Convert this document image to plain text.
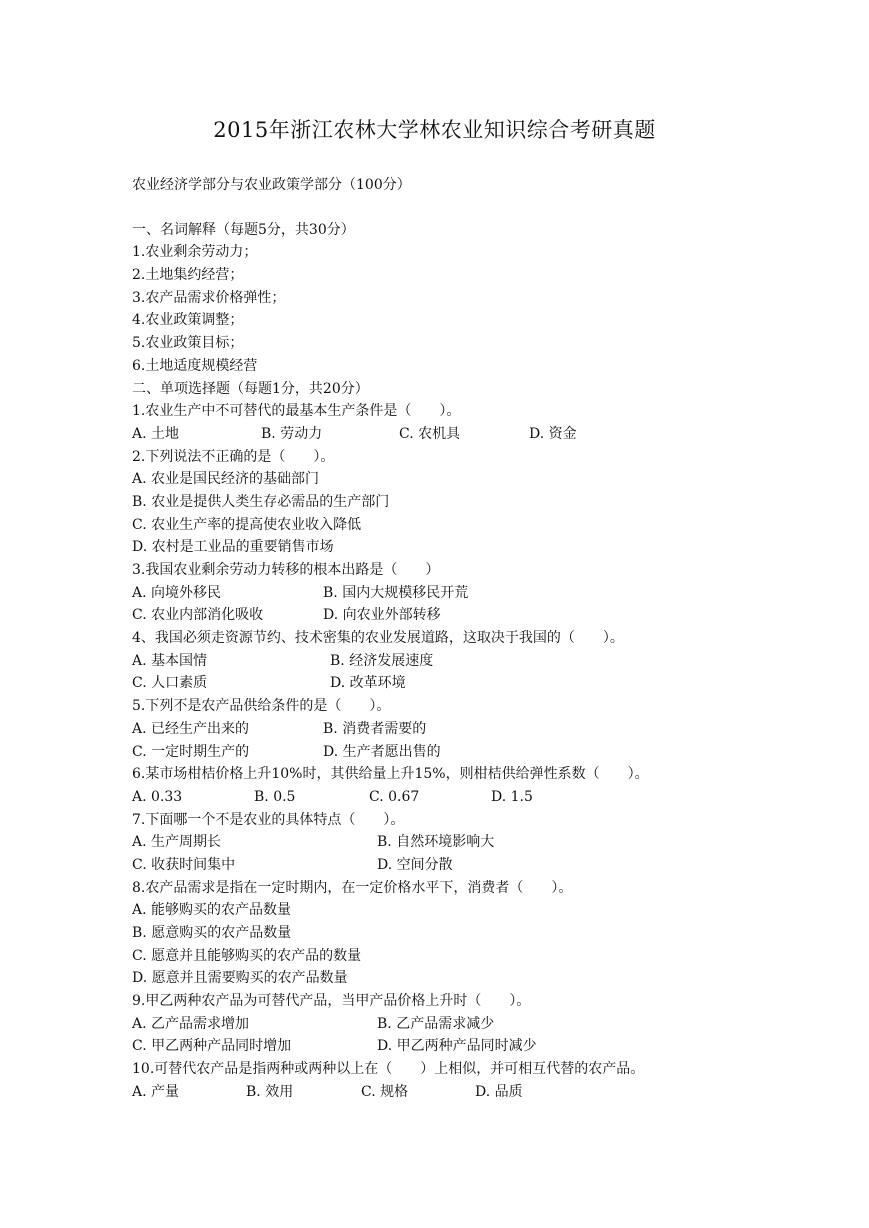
2015年浙江农林大学林农业知识综合考研真题
农业经济学部分与农业政策学部分（100分）
一、名词解释（每题5分，共30分）
1.农业剩余劳动力；
2.土地集约经营；
3.农产品需求价格弹性；
4.农业政策调整；
5.农业政策目标；
6.土地适度规模经营
二、单项选择题（每题1分，共20分）
1.农业生产中不可替代的最基本生产条件是（　　）。
A. 土地	B. 劳动力	C. 农机具	D. 资金
2.下列说法不正确的是（　　）。
A. 农业是国民经济的基础部门
B. 农业是提供人类生存必需品的生产部门
C. 农业生产率的提高使农业收入降低
D. 农村是工业品的重要销售市场
3.我国农业剩余劳动力转移的根本出路是（　　）
A. 向境外移民	B. 国内大规模移民开荒
C. 农业内部消化吸收	D. 向农业外部转移
4、我国必须走资源节约、技术密集的农业发展道路，这取决于我国的（　　）。
A. 基本国情	B. 经济发展速度
C. 人口素质	D. 改革环境
5.下列不是农产品供给条件的是（　　）。
A. 已经生产出来的	B. 消费者需要的
C. 一定时期生产的	D. 生产者愿出售的
6.某市场柑桔价格上升10%时，其供给量上升15%，则柑桔供给弹性系数（　　）。
A. 0.33	B. 0.5	C. 0.67	D. 1.5
7.下面哪一个不是农业的具体特点（　　）。
A. 生产周期长	B. 自然环境影响大
C. 收获时间集中	D. 空间分散
8.农产品需求是指在一定时期内，在一定价格水平下，消费者（　　）。
A. 能够购买的农产品数量
B. 愿意购买的农产品数量
C. 愿意并且能够购买的农产品的数量
D. 愿意并且需要购买的农产品数量
9.甲乙两种农产品为可替代产品，当甲产品价格上升时（　　）。
A. 乙产品需求增加	B. 乙产品需求减少
C. 甲乙两种产品同时增加	D. 甲乙两种产品同时减少
10.可替代农产品是指两种或两种以上在（　　）上相似，并可相互代替的农产品。
A. 产量	B. 效用	C. 规格	D. 品质
